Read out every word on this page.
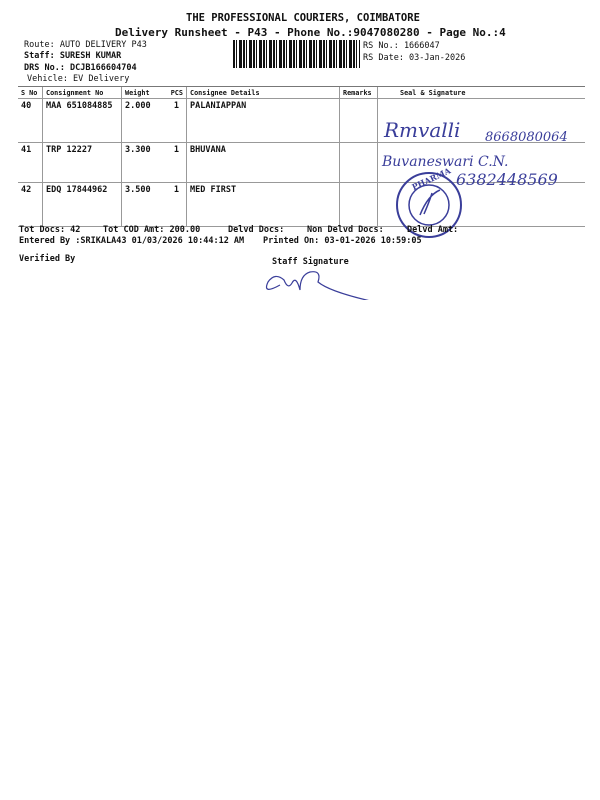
THE PROFESSIONAL COURIERS, COIMBATORE
Delivery Runsheet - P43 - Phone No.:9047080280 - Page No.:4
Route: AUTO DELIVERY P43
Staff: SURESH KUMAR
DRS No.: DCJB166604704
Vehicle: EV Delivery
RS No.: 1666047
RS Date: 03-Jan-2026
S No	Consignment No	Weight	PCS	Consignee Details	Remarks	Seal & Signature
40	MAA 651084885	2.000	1	PALANIAPPAN
41	TRP 12227	3.300	1	BHUVANA
42	EDQ 17844962	3.500	1	MED FIRST
Rmvalli 8668080064
Buvaneswari C.N.
6382448569
PHARMA
Tot Docs: 42	Tot COD Amt: 200.00	Delvd Docs:	Non Delvd Docs:	Delvd Amt:
Entered By :SRIKALA43 01/03/2026 10:44:12 AM Printed On: 03-01-2026 10:59:05
Verified By	Staff Signature
